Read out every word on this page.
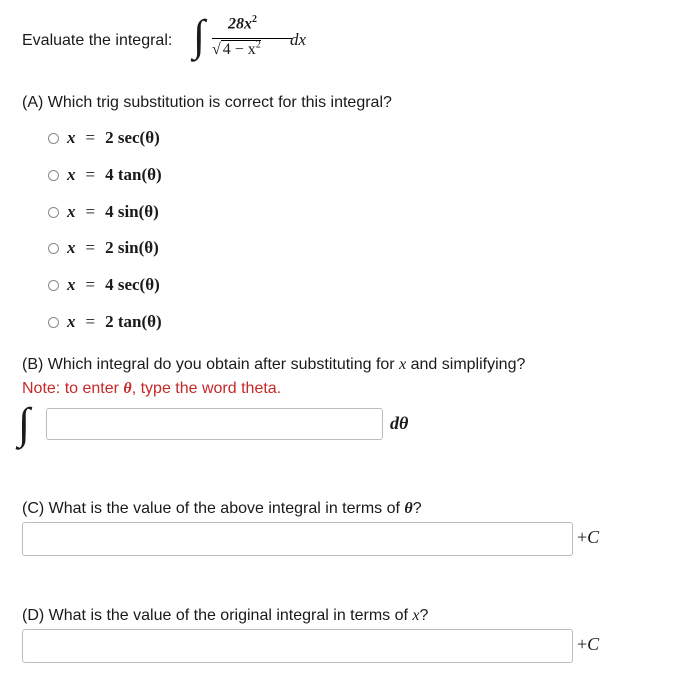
Evaluate the integral: ∫ $28x^2$
√ $4 - x^2$ dx
(A) Which trig substitution is correct for this integral?
x = 2 sec(θ)
x = 4 tan(θ)
x = 4 sin(θ)
x = 2 sin(θ)
x = 4 sec(θ)
x = 2 tan(θ)
(B) Which integral do you obtain after substituting for x and simplifying?
Note: to enter θ, type the word theta.
∫	dθ
(C) What is the value of the above integral in terms of θ?
+C
(D) What is the value of the original integral in terms of x?
+C
